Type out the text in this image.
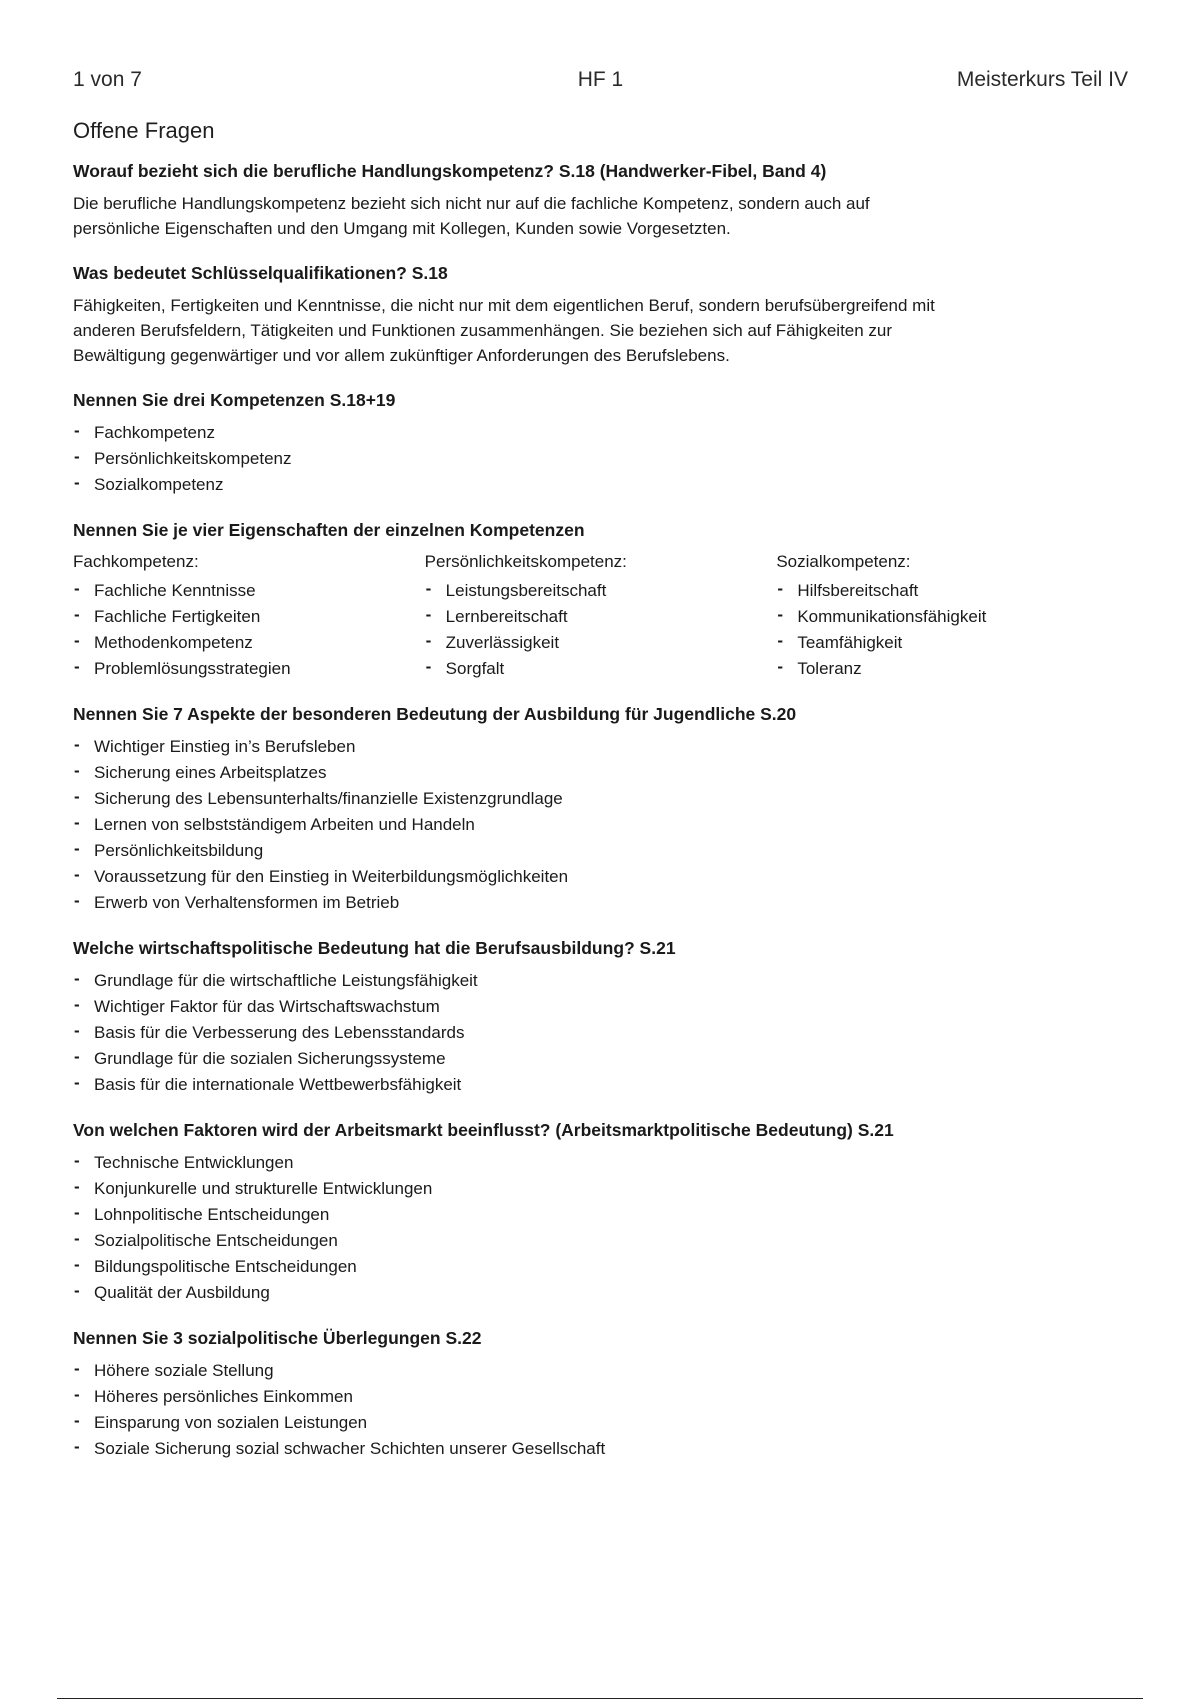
1 von 7	HF 1	Meisterkurs Teil IV
Offene Fragen
Worauf bezieht sich die berufliche Handlungskompetenz? S.18 (Handwerker-Fibel, Band 4)
Die berufliche Handlungskompetenz bezieht sich nicht nur auf die fachliche Kompetenz, sondern auch auf
persönliche Eigenschaften und den Umgang mit Kollegen, Kunden sowie Vorgesetzten.
Was bedeutet Schlüsselqualifikationen? S.18
Fähigkeiten, Fertigkeiten und Kenntnisse, die nicht nur mit dem eigentlichen Beruf, sondern berufsübergreifend mit
anderen Berufsfeldern, Tätigkeiten und Funktionen zusammenhängen. Sie beziehen sich auf Fähigkeiten zur
Bewältigung gegenwärtiger und vor allem zukünftiger Anforderungen des Berufslebens.
Nennen Sie drei Kompetenzen S.18+19
- Fachkompetenz
- Persönlichkeitskompetenz
- Sozialkompetenz
Nennen Sie je vier Eigenschaften der einzelnen Kompetenzen
Fachkompetenz:
- Fachliche Kenntnisse
- Fachliche Fertigkeiten
- Methodenkompetenz
- Problemlösungsstrategien
Persönlichkeitskompetenz:
- Leistungsbereitschaft
- Lernbereitschaft
- Zuverlässigkeit
- Sorgfalt
Sozialkompetenz:
- Hilfsbereitschaft
- Kommunikationsfähigkeit
- Teamfähigkeit
- Toleranz
Nennen Sie 7 Aspekte der besonderen Bedeutung der Ausbildung für Jugendliche S.20
- Wichtiger Einstieg in’s Berufsleben
- Sicherung eines Arbeitsplatzes
- Sicherung des Lebensunterhalts/finanzielle Existenzgrundlage
- Lernen von selbstständigem Arbeiten und Handeln
- Persönlichkeitsbildung
- Voraussetzung für den Einstieg in Weiterbildungsmöglichkeiten
- Erwerb von Verhaltensformen im Betrieb
Welche wirtschaftspolitische Bedeutung hat die Berufsausbildung? S.21
- Grundlage für die wirtschaftliche Leistungsfähigkeit
- Wichtiger Faktor für das Wirtschaftswachstum
- Basis für die Verbesserung des Lebensstandards
- Grundlage für die sozialen Sicherungssysteme
- Basis für die internationale Wettbewerbsfähigkeit
Von welchen Faktoren wird der Arbeitsmarkt beeinflusst? (Arbeitsmarktpolitische Bedeutung) S.21
- Technische Entwicklungen
- Konjunkurelle und strukturelle Entwicklungen
- Lohnpolitische Entscheidungen
- Sozialpolitische Entscheidungen
- Bildungspolitische Entscheidungen
- Qualität der Ausbildung
Nennen Sie 3 sozialpolitische Überlegungen S.22
- Höhere soziale Stellung
- Höheres persönliches Einkommen
- Einsparung von sozialen Leistungen
- Soziale Sicherung sozial schwacher Schichten unserer Gesellschaft
